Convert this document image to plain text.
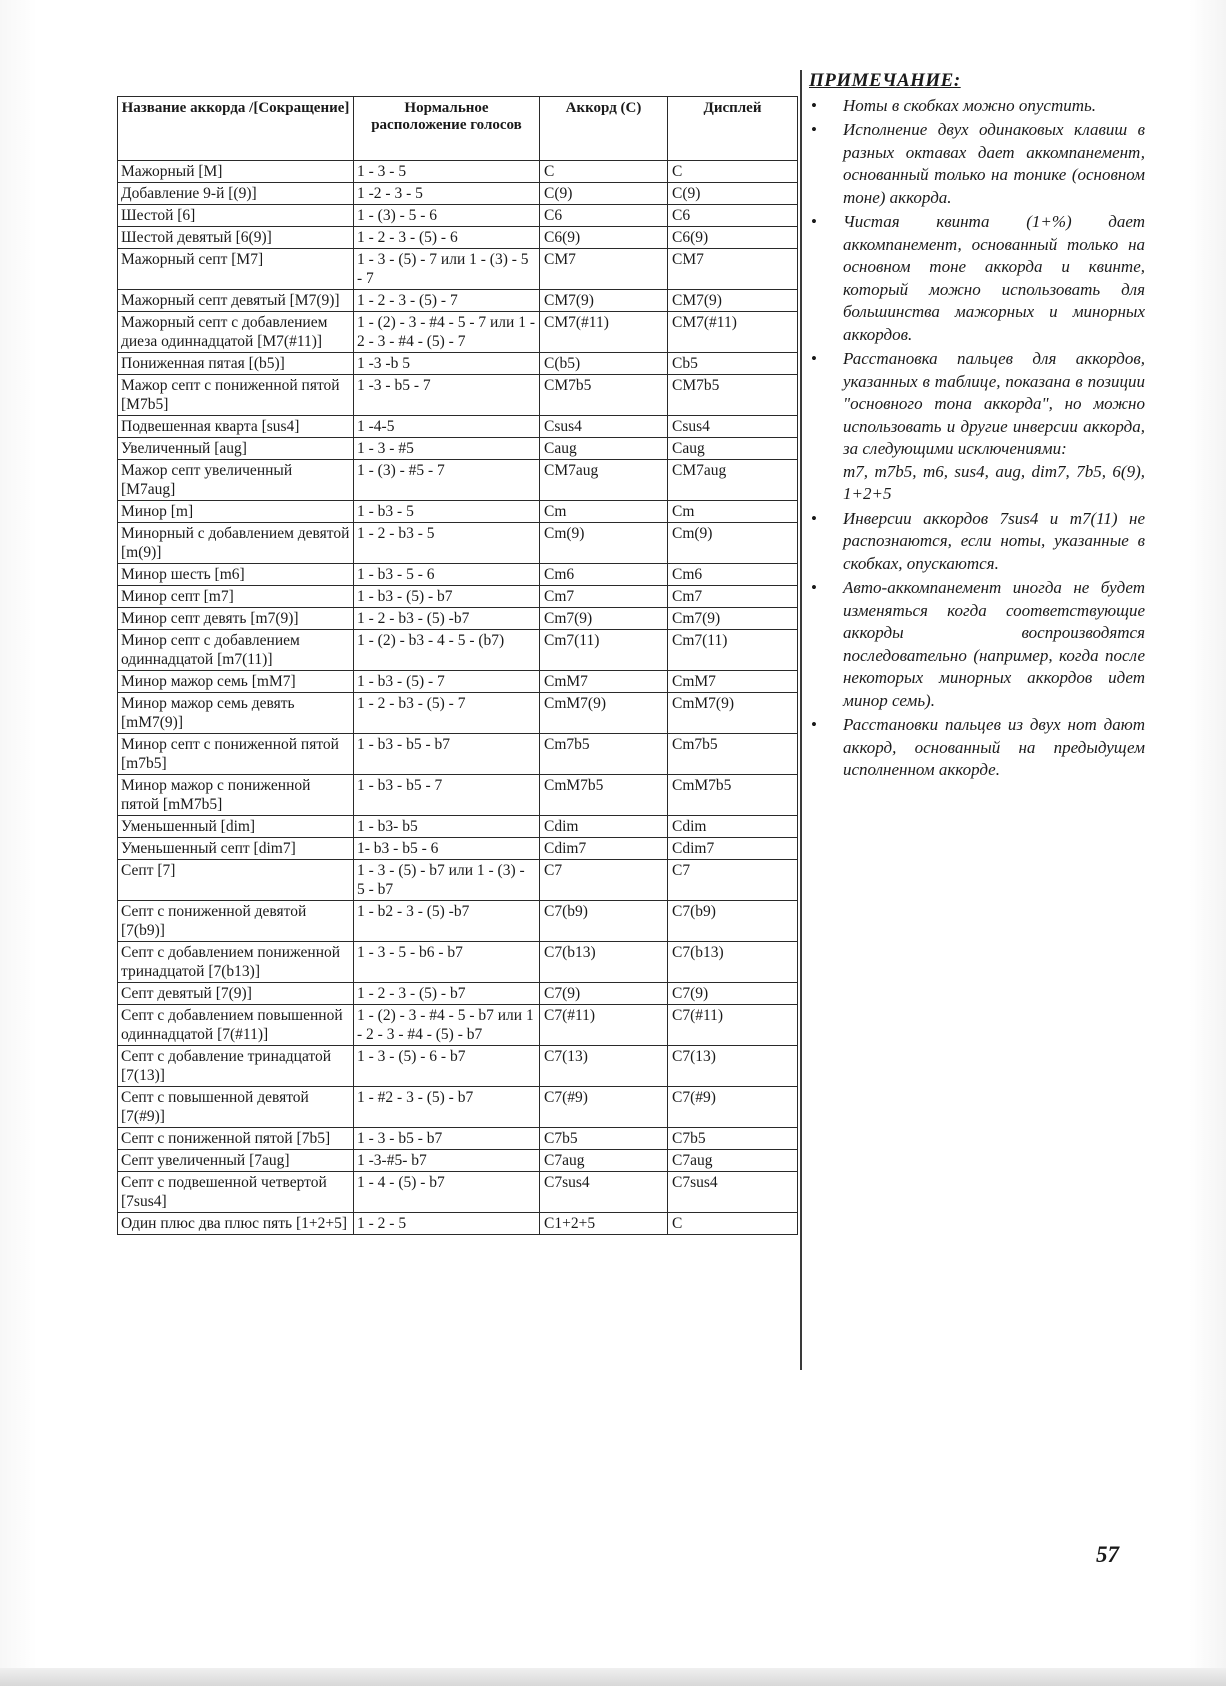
Название аккорда /[Сокращение]	Нормальное расположение голосов	Аккорд (С)	Дисплей
Мажорный [М]	1 - 3 - 5	C	C
Добавление 9-й [(9)]	1 -2 - 3 - 5	C(9)	C(9)
Шестой [6]	1 - (3) - 5 - 6	C6	C6
Шестой девятый [6(9)]	1 - 2 - 3 - (5) - 6	C6(9)	C6(9)
Мажорный септ [М7]	1 - 3 - (5) - 7 или 1 - (3) - 5 - 7	CM7	CM7
Мажорный септ девятый [M7(9)]	1 - 2 - 3 - (5) - 7	CM7(9)	CM7(9)
Мажорный септ с добавлением диеза одиннадцатой [M7(#11)]	1 - (2) - 3 - #4 - 5 - 7 или 1 - 2 - 3 - #4 - (5) - 7	CM7(#11)	CM7(#11)
Пониженная пятая [(b5)]	1 -3 -b 5	C(b5)	Cb5
Мажор септ с пониженной пятой [M7b5]	1 -3 - b5 - 7	CM7b5	CM7b5
Подвешенная кварта [sus4]	1 -4-5	Csus4	Csus4
Увеличенный [aug]	1 - 3 - #5	Caug	Caug
Мажор септ увеличенный [M7aug]	1 - (3) - #5 - 7	CM7aug	CM7aug
Минор [m]	1 - b3 - 5	Cm	Cm
Минорный с добавлением девятой [m(9)]	1 - 2 - b3 - 5	Cm(9)	Cm(9)
Минор шесть [m6]	1 - b3 - 5 - 6	Cm6	Cm6
Минор септ [m7]	1 - b3 - (5) - b7	Cm7	Cm7
Минор септ девять [m7(9)]	1 - 2 - b3 - (5) -b7	Cm7(9)	Cm7(9)
Минор септ с добавлением одиннадцатой [m7(11)]	1 - (2) - b3 - 4 - 5 - (b7)	Cm7(11)	Cm7(11)
Минор мажор семь [mM7]	1 - b3 - (5) - 7	CmM7	CmM7
Минор мажор семь девять [mM7(9)]	1 - 2 - b3 - (5) - 7	CmM7(9)	CmM7(9)
Минор септ с пониженной пятой [m7b5]	1 - b3 - b5 - b7	Cm7b5	Cm7b5
Минор мажор с пониженной пятой [mM7b5]	1 - b3 - b5 - 7	CmM7b5	CmM7b5
Уменьшенный [dim]	1 - b3- b5	Cdim	Cdim
Уменьшенный септ [dim7]	1- b3 - b5 - 6	Cdim7	Cdim7
Септ [7]	1 - 3 - (5) - b7 или 1 - (3) - 5 - b7	C7	C7
Септ с пониженной девятой [7(b9)]	1 - b2 - 3 - (5) -b7	C7(b9)	C7(b9)
Септ с добавлением пониженной тринадцатой [7(b13)]	1 - 3 - 5 - b6 - b7	C7(b13)	C7(b13)
Септ девятый [7(9)]	1 - 2 - 3 - (5) - b7	C7(9)	C7(9)
Септ с добавлением повышенной одиннадцатой [7(#11)]	1 - (2) - 3 - #4 - 5 - b7 или 1 - 2 - 3 - #4 - (5) - b7	C7(#11)	C7(#11)
Септ с добавление тринадцатой [7(13)]	1 - 3 - (5) - 6 - b7	C7(13)	C7(13)
Септ с повышенной девятой [7(#9)]	1 - #2 - 3 - (5) - b7	C7(#9)	C7(#9)
Септ с пониженной пятой [7b5]	1 - 3 - b5 - b7	C7b5	C7b5
Септ увеличенный [7aug]	1 -3-#5- b7	C7aug	C7aug
Септ с подвешенной четвертой [7sus4]	1 - 4 - (5) - b7	C7sus4	C7sus4
Один плюс два плюс пять [1+2+5]	1 - 2 - 5	C1+2+5	C
ПРИМЕЧАНИЕ:
• Ноты в скобках можно опустить.
• Исполнение двух одинаковых клавиш в разных октавах дает аккомпанемент, основанный только на тонике (основном тоне) аккорда.
• Чистая квинта (1+%) дает аккомпанемент, основанный только на основном тоне аккорда и квинте, который можно использовать для большинства мажорных и минорных аккордов.
• Расстановка пальцев для аккордов, указанных в таблице, показана в позиции "основного тона аккорда", но можно использовать и другие инверсии аккорда, за следующими исключениями:
m7, m7b5, m6, sus4, aug, dim7, 7b5, 6(9), 1+2+5
• Инверсии аккордов 7sus4 и m7(11) не распознаются, если ноты, указанные в скобках, опускаются.
• Авто-аккомпанемент иногда не будет изменяться когда соответствующие аккорды воспроизводятся последовательно (например, когда после некоторых минорных аккордов идет минор семь).
• Расстановки пальцев из двух нот дают аккорд, основанный на предыдущем исполненном аккорде.
57
